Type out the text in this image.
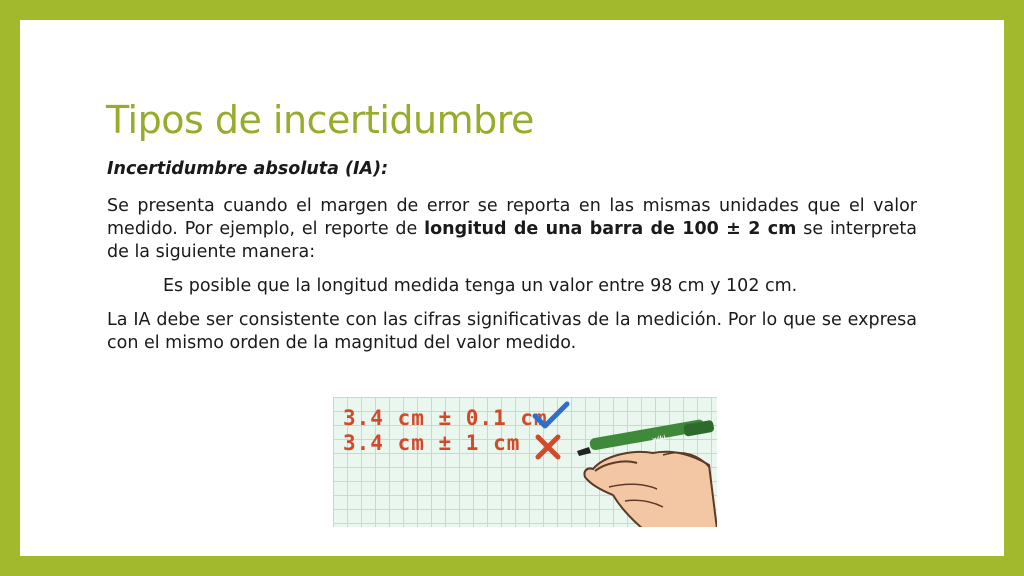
Tipos de incertidumbre

Incertidumbre absoluta (IA):

Se presenta cuando el margen de error se reporta en las mismas unidades que el valor medido. Por ejemplo, el reporte de longitud de una barra de 100 ± 2 cm se interpreta de la siguiente manera:

Es posible que la longitud medida tenga un valor entre 98 cm y 102 cm.

La IA debe ser consistente con las cifras significativas de la medición. Por lo que se expresa con el mismo orden de la magnitud del valor medido.

3.4 cm ± 0.1 cm
3.4 cm ± 1 cm	wiki
